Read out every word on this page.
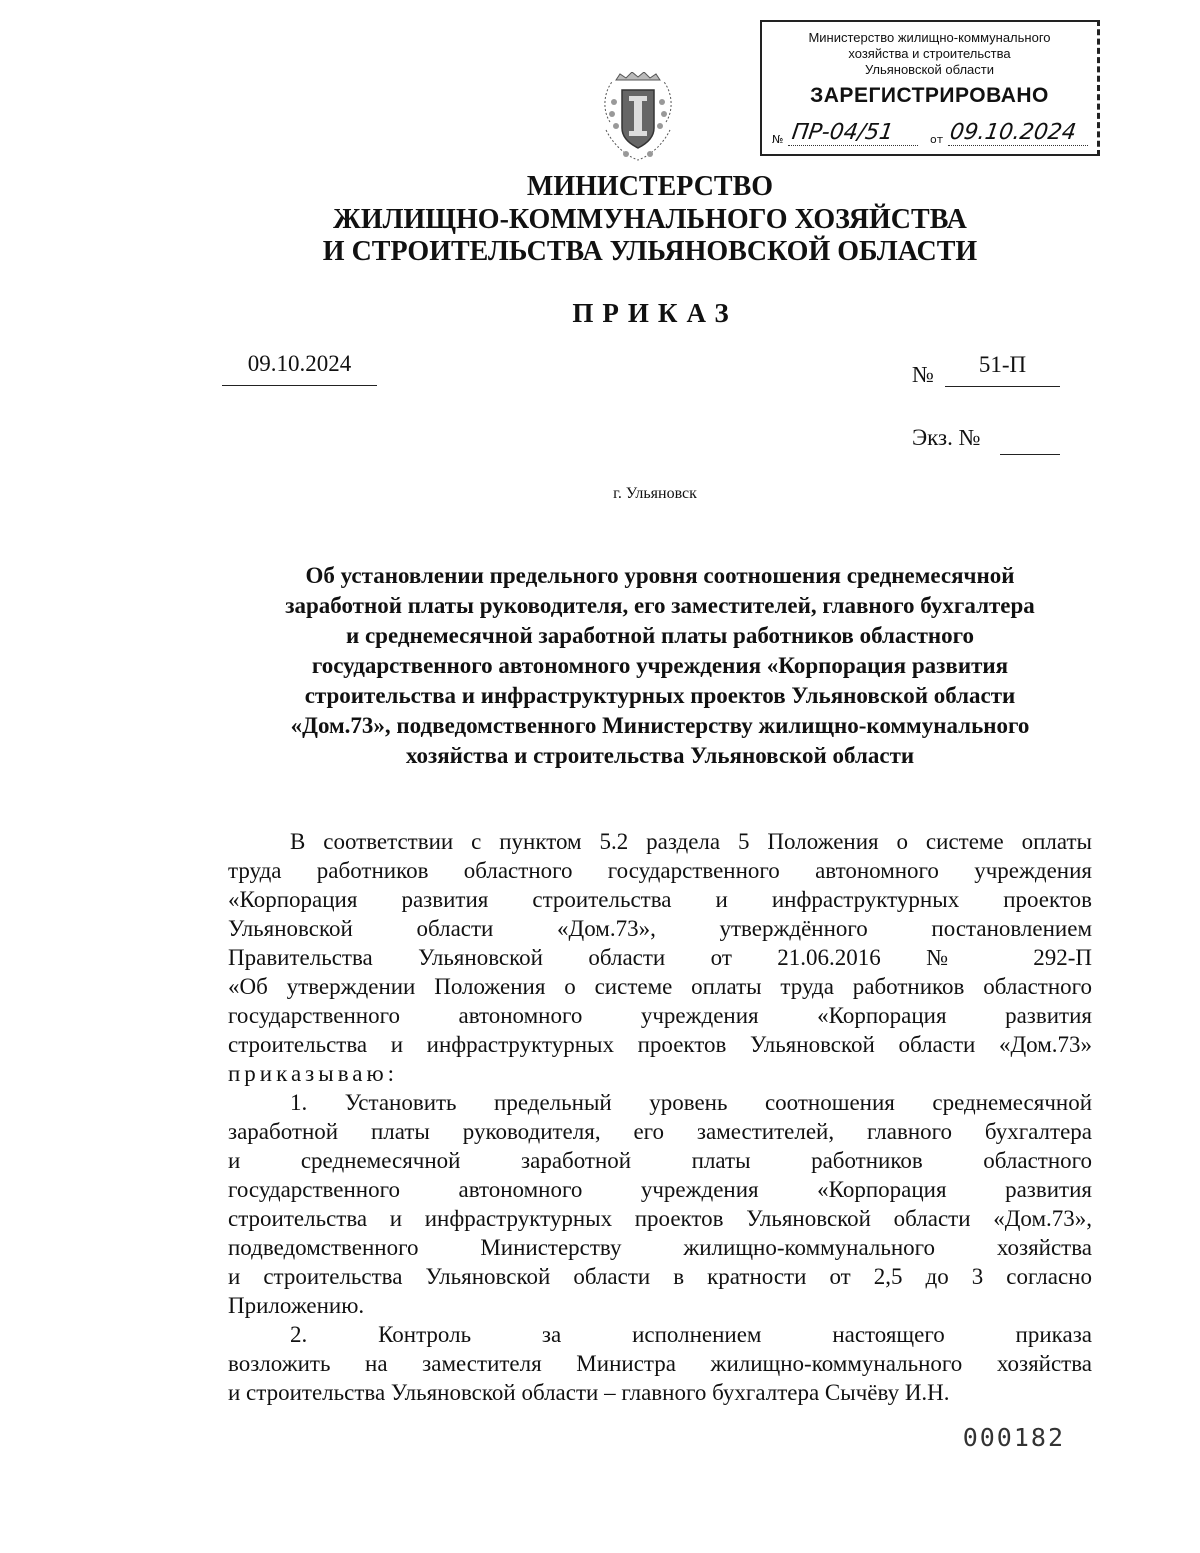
Министерство жилищно-коммунального
хозяйства и строительства
Ульяновской области
ЗАРЕГИСТРИРОВАНО
№ ПР-04/51	от 09.10.2024
МИНИСТЕРСТВО
ЖИЛИЩНО-КОММУНАЛЬНОГО ХОЗЯЙСТВА
И СТРОИТЕЛЬСТВА УЛЬЯНОВСКОЙ ОБЛАСТИ
ПРИКАЗ
09.10.2024	№	51-П
Экз. №
г. Ульяновск
Об установлении предельного уровня соотношения среднемесячной
заработной платы руководителя, его заместителей, главного бухгалтера
и среднемесячной заработной платы работников областного
государственного автономного учреждения «Корпорация развития
строительства и инфраструктурных проектов Ульяновской области
«Дом.73», подведомственного Министерству жилищно-коммунального
хозяйства и строительства Ульяновской области
В соответствии с пунктом 5.2 раздела 5 Положения о системе оплаты
труда работников областного государственного автономного учреждения
«Корпорация развития строительства и инфраструктурных проектов
Ульяновской области «Дом.73», утверждённого постановлением
Правительства Ульяновской области от 21.06.2016 № 292-П
«Об утверждении Положения о системе оплаты труда работников областного
государственного автономного учреждения «Корпорация развития
строительства и инфраструктурных проектов Ульяновской области «Дом.73»
приказываю:
1. Установить предельный уровень соотношения среднемесячной
заработной платы руководителя, его заместителей, главного бухгалтера
и среднемесячной заработной платы работников областного
государственного автономного учреждения «Корпорация развития
строительства и инфраструктурных проектов Ульяновской области «Дом.73»,
подведомственного Министерству жилищно-коммунального хозяйства
и строительства Ульяновской области в кратности от 2,5 до 3 согласно
Приложению.
2. Контроль за исполнением настоящего приказа
возложить на заместителя Министра жилищно-коммунального хозяйства
и строительства Ульяновской области – главного бухгалтера Сычёву И.Н.
000182
